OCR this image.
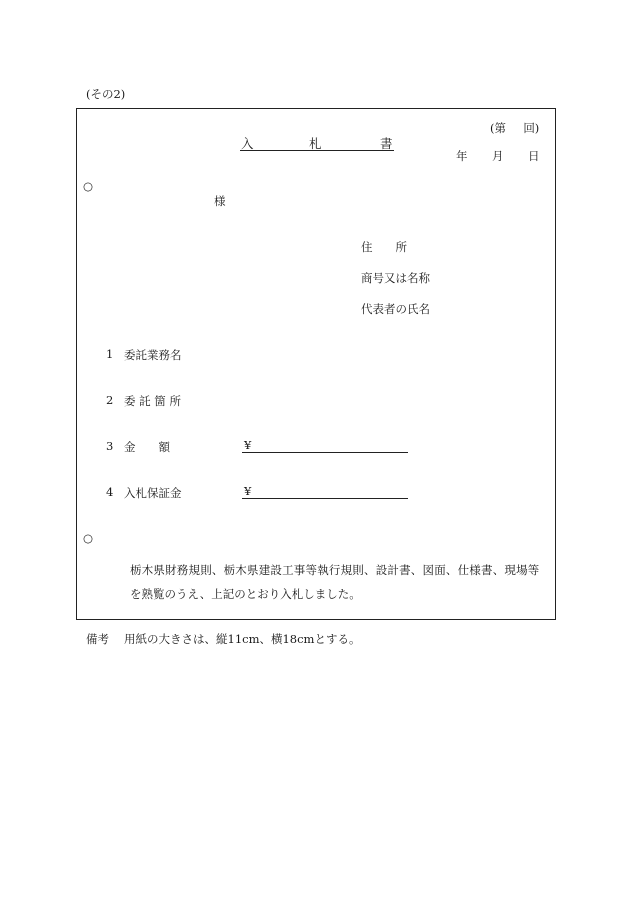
(その2)
(第 回)
入	札	書
年 月 日
○
様
住　　所
商号又は名称
代表者の氏名
1 委託業務名
2 委 託 箇 所
3 金　　額	¥
4 入札保証金	¥
○
栃木県財務規則、栃木県建設工事等執行規則、設計書、図面、仕様書、現場等
を熟覧のうえ、上記のとおり入札しました。
備考 用紙の大きさは、縦11cm、横18cmとする。
